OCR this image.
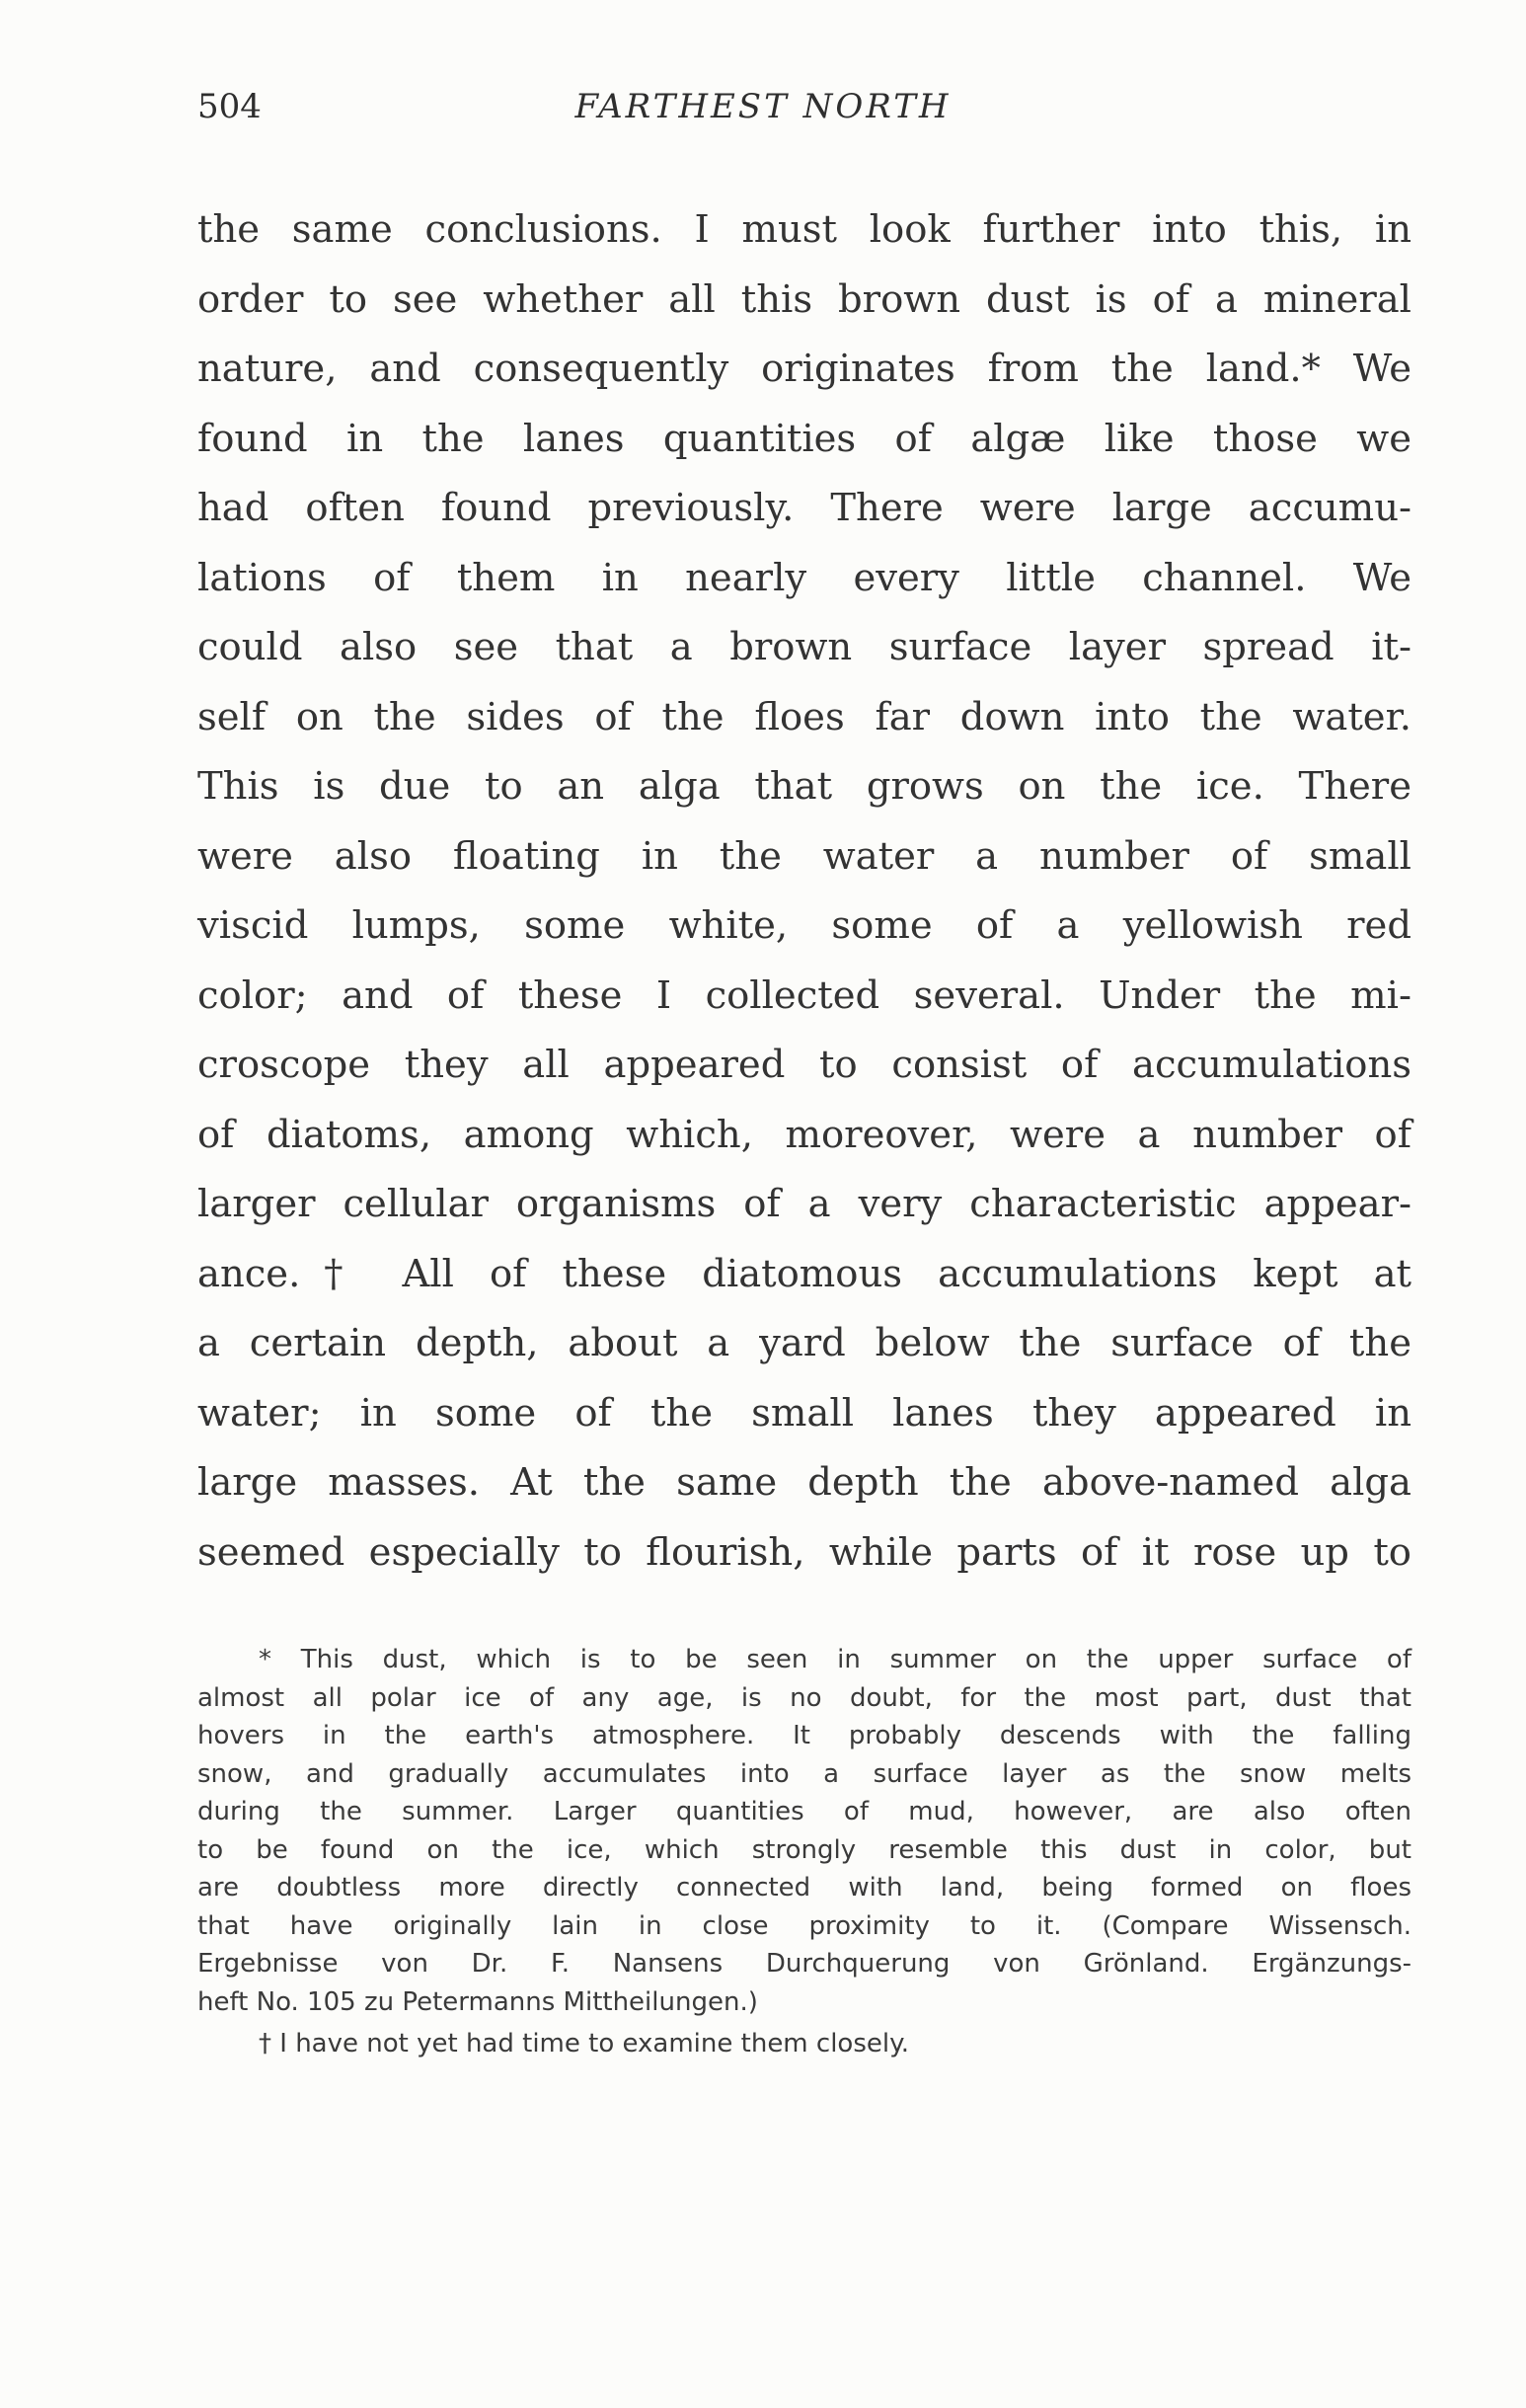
504	FARTHEST NORTH
the same conclusions. I must look further into this, in
order to see whether all this brown dust is of a mineral
nature, and consequently originates from the land.* We
found in the lanes quantities of algæ like those we
had often found previously. There were large accumu-
lations of them in nearly every little channel. We
could also see that a brown surface layer spread it-
self on the sides of the floes far down into the water.
This is due to an alga that grows on the ice. There
were also floating in the water a number of small
viscid lumps, some white, some of a yellowish red
color; and of these I collected several. Under the mi-
croscope they all appeared to consist of accumulations
of diatoms, among which, moreover, were a number of
larger cellular organisms of a very characteristic appear-
ance.† All of these diatomous accumulations kept at
a certain depth, about a yard below the surface of the
water; in some of the small lanes they appeared in
large masses. At the same depth the above-named alga
seemed especially to flourish, while parts of it rose up to
* This dust, which is to be seen in summer on the upper surface of
almost all polar ice of any age, is no doubt, for the most part, dust that
hovers in the earth's atmosphere. It probably descends with the falling
snow, and gradually accumulates into a surface layer as the snow melts
during the summer. Larger quantities of mud, however, are also often
to be found on the ice, which strongly resemble this dust in color, but
are doubtless more directly connected with land, being formed on floes
that have originally lain in close proximity to it. (Compare Wissensch.
Ergebnisse von Dr. F. Nansens Durchquerung von Grönland. Ergänzungs-
heft No. 105 zu Petermanns Mittheilungen.)
† I have not yet had time to examine them closely.
